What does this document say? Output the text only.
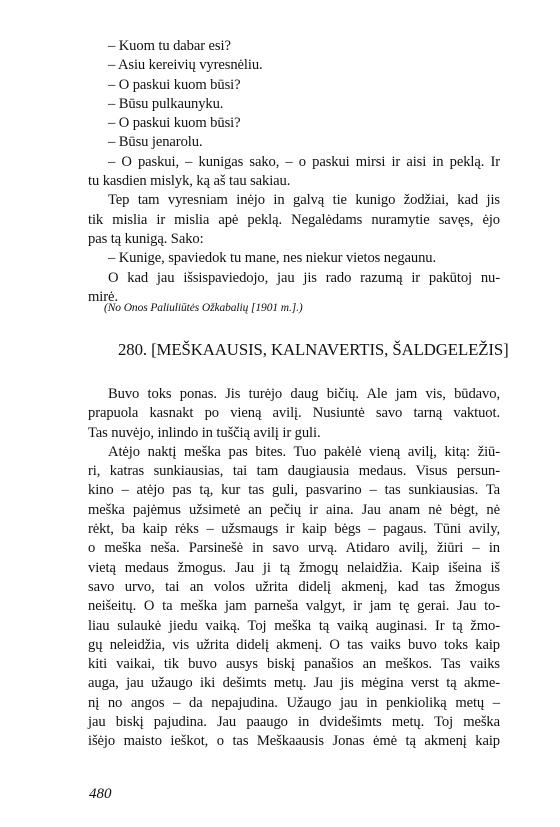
– Kuom tu dabar esi?
– Asiu kereivių vyresnėliu.
– O paskui kuom būsi?
– Būsu pulkaunyku.
– O paskui kuom būsi?
– Būsu jenarolu.
– O paskui, – kunigas sako, – o paskui mirsi ir aisi in peklą. Ir
tu kasdien mislyk, ką aš tau sakiau.
Tep tam vyresniam inėjo in galvą tie kunigo žodžiai, kad jis
tik mislia ir mislia apė peklą. Negalėdams nuramytie savęs, ėjo
pas tą kunigą. Sako:
– Kunige, spaviedok tu mane, nes niekur vietos negaunu.
O kad jau išsispaviedojo, jau jis rado razumą ir pakūtoj nu-
mirė.
(No Onos Paliuliūtės Ožkabalių [1901 m.].)
280. [MEŠKAAUSIS, KALNAVERTIS, ŠALDGELEŽIS]
Buvo toks ponas. Jis turėjo daug bičių. Ale jam vis, būdavo,
prapuola kasnakt po vieną avilį. Nusiuntė savo tarną vaktuot.
Tas nuvėjo, inlindo in tuščią avilį ir guli.
Atėjo naktį meška pas bites. Tuo pakėlė vieną avilį, kitą: žiū-
ri, katras sunkiausias, tai tam daugiausia medaus. Visus persun-
kino – atėjo pas tą, kur tas guli, pasvarino – tas sunkiausias. Ta
meška pajėmus užsimetė an pečių ir aina. Jau anam nė bėgt, nė
rėkt, ba kaip rėks – užsmaugs ir kaip bėgs – pagaus. Tūni avily,
o meška neša. Parsinešė in savo urvą. Atidaro avilį, žiūri – in
vietą medaus žmogus. Jau ji tą žmogų nelaidžia. Kaip išeina iš
savo urvo, tai an volos užrita didelį akmenį, kad tas žmogus
neišeitų. O ta meška jam parneša valgyt, ir jam tę gerai. Jau to-
liau sulaukė jiedu vaiką. Toj meška tą vaiką auginasi. Ir tą žmo-
gų neleidžia, vis užrita didelį akmenį. O tas vaiks buvo toks kaip
kiti vaikai, tik buvo ausys biskį panašios an meškos. Tas vaiks
auga, jau užaugo iki dešimts metų. Jau jis mėgina verst tą akme-
nį no angos – da nepajudina. Užaugo jau in penkioliką metų –
jau biskį pajudina. Jau paaugo in dvidešimts metų. Toj meška
išėjo maisto ieškot, o tas Meškaausis Jonas ėmė tą akmenį kaip
480
